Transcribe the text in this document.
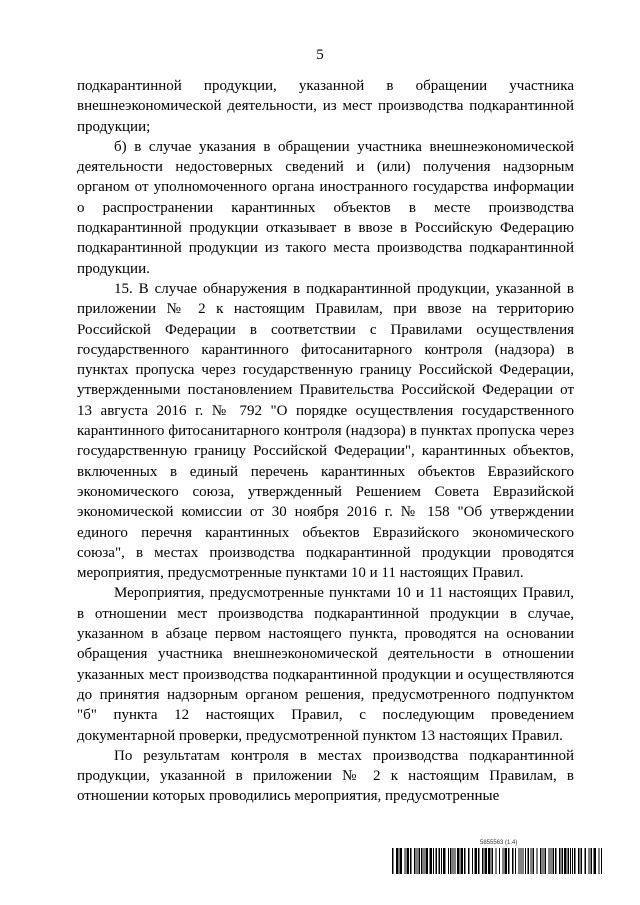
5

подкарантинной продукции, указанной в обращении участника внешнеэкономической деятельности, из мест производства подкарантинной продукции;

б) в случае указания в обращении участника внешнеэкономической деятельности недостоверных сведений и (или) получения надзорным органом от уполномоченного органа иностранного государства информации о распространении карантинных объектов в месте производства подкарантинной продукции отказывает в ввозе в Российскую Федерацию подкарантинной продукции из такого места производства подкарантинной продукции.

15. В случае обнаружения в подкарантинной продукции, указанной в приложении № 2 к настоящим Правилам, при ввозе на территорию Российской Федерации в соответствии с Правилами осуществления государственного карантинного фитосанитарного контроля (надзора) в пунктах пропуска через государственную границу Российской Федерации, утвержденными постановлением Правительства Российской Федерации от 13 августа 2016 г. № 792 "О порядке осуществления государственного карантинного фитосанитарного контроля (надзора) в пунктах пропуска через государственную границу Российской Федерации", карантинных объектов, включенных в единый перечень карантинных объектов Евразийского экономического союза, утвержденный Решением Совета Евразийской экономической комиссии от 30 ноября 2016 г. № 158 "Об утверждении единого перечня карантинных объектов Евразийского экономического союза", в местах производства подкарантинной продукции проводятся мероприятия, предусмотренные пунктами 10 и 11 настоящих Правил.

Мероприятия, предусмотренные пунктами 10 и 11 настоящих Правил, в отношении мест производства подкарантинной продукции в случае, указанном в абзаце первом настоящего пункта, проводятся на основании обращения участника внешнеэкономической деятельности в отношении указанных мест производства подкарантинной продукции и осуществляются до принятия надзорным органом решения, предусмотренного подпунктом "б" пункта 12 настоящих Правил, с последующим проведением документарной проверки, предусмотренной пунктом 13 настоящих Правил.

По результатам контроля в местах производства подкарантинной продукции, указанной в приложении № 2 к настоящим Правилам, в отношении которых проводились мероприятия, предусмотренные

5855563 (1.4)
